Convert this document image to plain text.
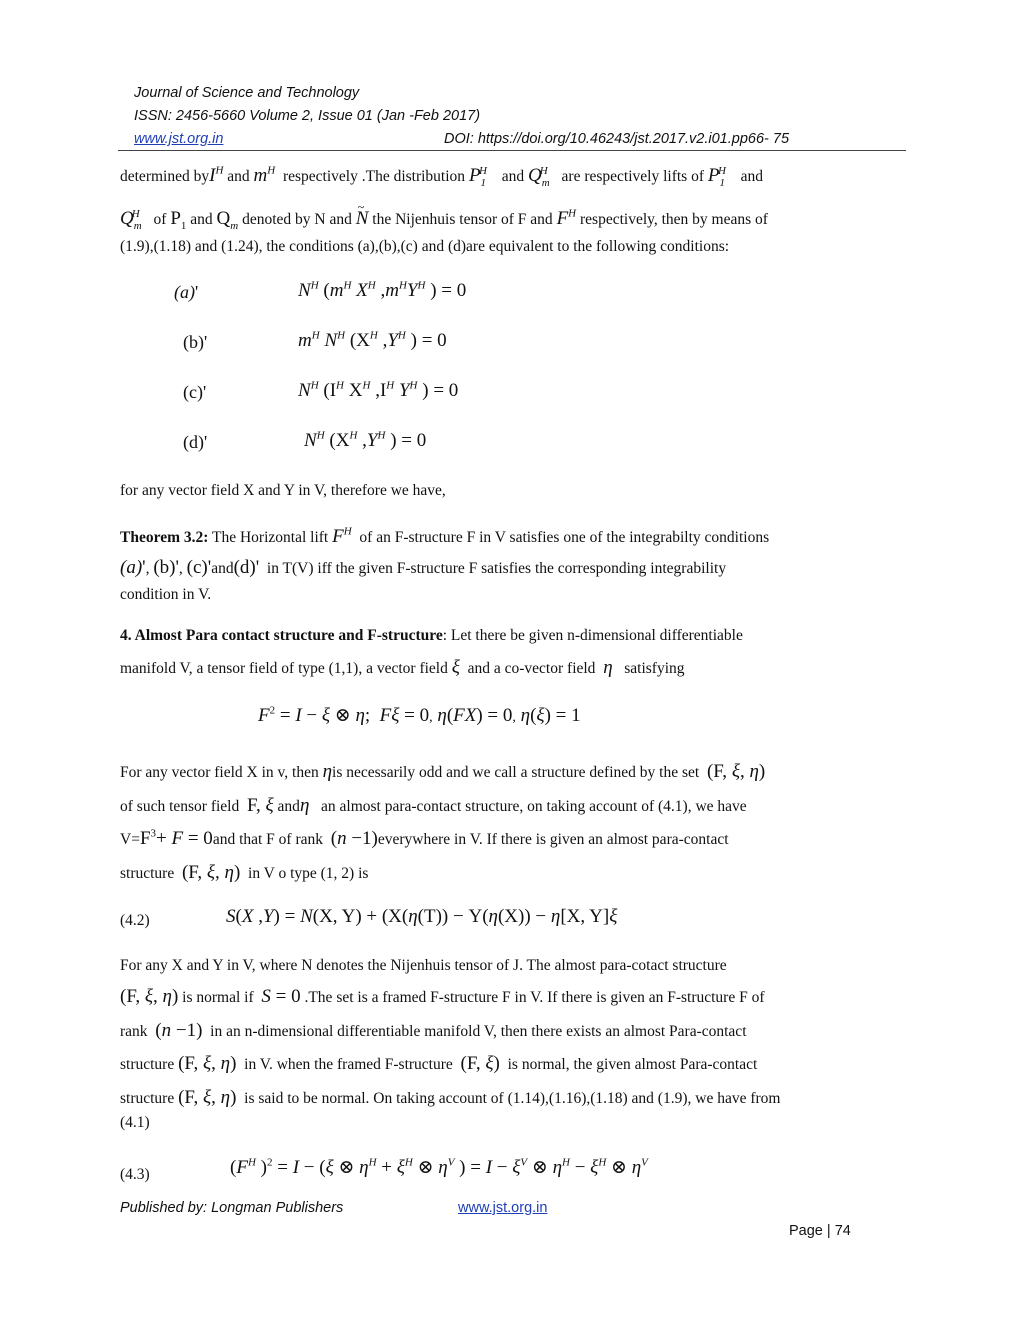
Journal of Science and Technology
ISSN: 2456-5660 Volume 2, Issue 01 (Jan -Feb 2017)
www.jst.org.in	DOI: https://doi.org/10.46243/jst.2017.v2.i01.pp66- 75
determined byI$^H$ and $m^H$ respectively .The distribution $P_1^H$ and $Q_m^H$ are respectively lifts of $P_1^H$ and
$Q_m^H$ of $P_1$ and $Q_m$ denoted by N and ~ N the Nijenhuis tensor of F and $F^H$ respectively, then by means of
(1.9),(1.18) and (1.24), the conditions (a),(b),(c) and (d)are equivalent to the following conditions:
(a)'	$N^H$ ($m^H$ $X^H$ $,m^HY^H$ ) = 0
(b)'	$m^H$ $N^H$ ($X^H$ $,Y^H$ ) = 0
(c)'	$N^H$ ($I^H$ $X^H$ $,I^H$ $Y^H$ ) = 0
(d)'	$N^H$ ($X^H$ $,Y^H$ ) = 0
for any vector field X and Y in V, therefore we have,
Theorem 3.2: The Horizontal lift $F^H$ of an F-structure F in V satisfies one of the integrabilty conditions
(a)', (b)', (c)'and(d)' in T(V) iff the given F-structure F satisfies the corresponding integrability
condition in V.
4. Almost Para contact structure and F-structure: Let there be given n-dimensional differentiable
manifold V, a tensor field of type (1,1), a vector field ξ and a co-vector field η satisfying
$F^2 = I - \xi$ ⊗ η;  Fξ = 0, η(FX) = 0, η(ξ) = 1
For any vector field X in v, then ηis necessarily odd and we call a structure defined by the set (F, ξ, η)
of such tensor field F, ξ andη an almost para-contact structure, on taking account of (4.1), we have
$V=F^3+ F = 0and$ that F of rank (n −1)everywhere in V. If there is given an almost para-contact
structure (F, ξ, η) in V o type (1, 2) is
(4.2)	S(X ,Y) = N(X, Y) + (X(η(T)) − Y(η(X)) − η[X, Y]ξ
For any X and Y in V, where N denotes the Nijenhuis tensor of J. The almost para-cotact structure
(F, ξ, η) is normal if S = 0 .The set is a framed F-structure F in V. If there is given an F-structure F of
rank (n −1) in an n-dimensional differentiable manifold V, then there exists an almost Para-contact
structure (F, ξ, η) in V. when the framed F-structure (F, ξ) is normal, the given almost Para-contact
structure (F, ξ, η) is said to be normal. On taking account of (1.14),(1.16),(1.18) and (1.9), we have from
(4.1)
(4.3)	($F^H$ )$^2$ = I − (ξ ⊗ $\eta^H + \xi^H$ ⊗ $\eta^V$ ) = $I - \xi^V$ ⊗ $\eta^H - \xi^H$ ⊗ $\eta^V$
Published by: Longman Publishers	www.jst.org.in
Page | 74
